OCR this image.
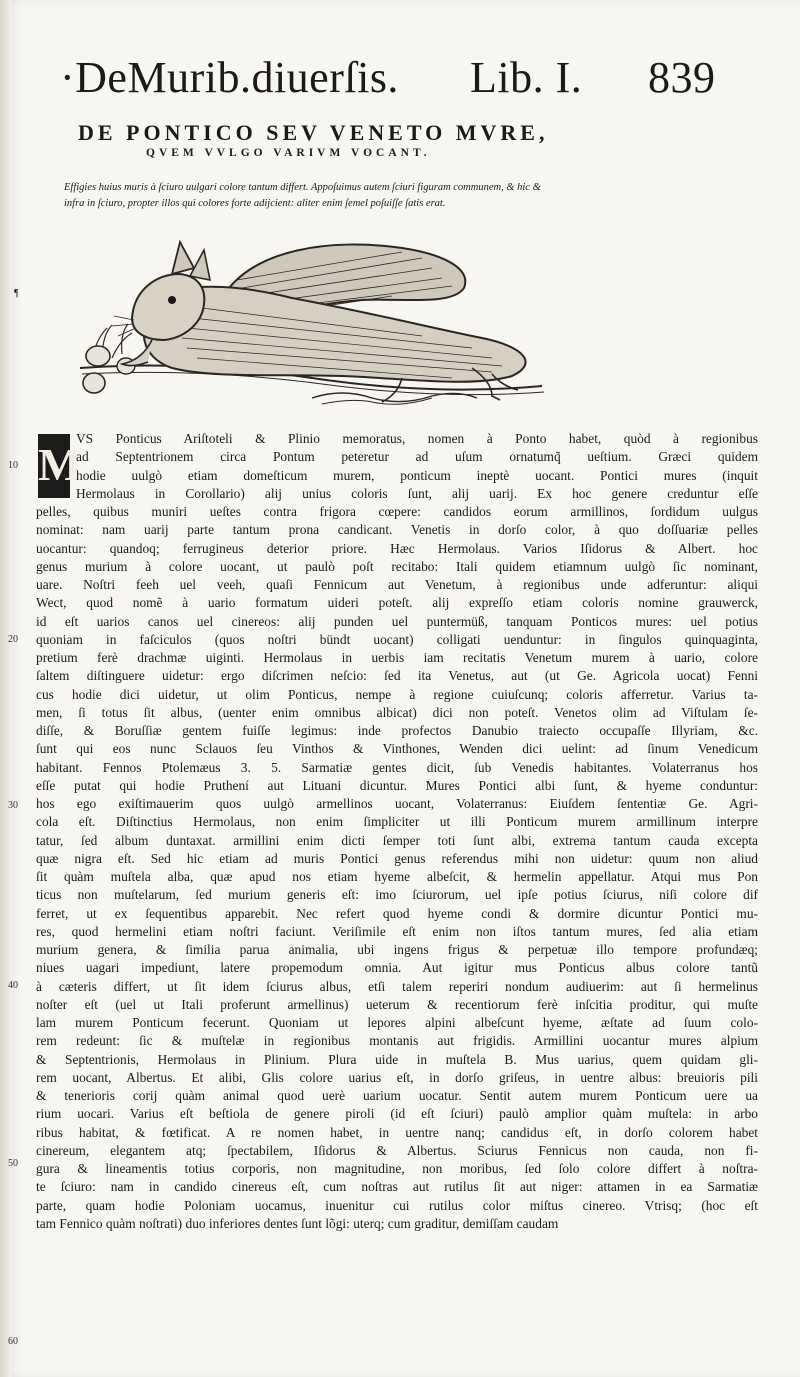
·DeMurib.diuerſis. Lib. I. 839
DE PONTICO SEV VENETO MVRE,
QVEM VVLGO VARIVM VOCANT.
Effigies huius muris à ſciuro uulgari colore tantum differt. Appoſuimus autem ſciuri figuram communem, & hic &
infra in ſciuro, propter illos qui colores forte adijcient: aliter enim ſemel poſuiſſe ſatis erat.
¶
M
VS Ponticus Ariſtoteli & Plinio memoratus, nomen à Ponto habet, quòd à regionibus
ad Septentrionem circa Pontum peteretur ad uſum ornatumq̃ ueſtium. Græci quidem
hodie uulgò etiam domeſticum murem, ponticum ineptè uocant. Pontici mures (inquit
Hermolaus in Corollario) alij unius coloris ſunt, alij uarij. Ex hoc genere creduntur eſſe
pelles, quibus muniri ueſtes contra frigora cœpere: candidos eorum armillinos, ſordidum uulgus
nominat: nam uarij parte tantum prona candicant. Venetis in dorſo color, à quo doſſuariæ pelles
uocantur: quandoq; ferrugineus deterior priore. Hæc Hermolaus. Varios Iſidorus & Albert. hoc
genus murium à colore uocant, ut paulò poſt recitabo: Itali quidem etiamnum uulgò ſic nominant,
uare. Noſtri feeh uel veeh, quaſi Fennicum aut Venetum, à regionibus unde adferuntur: aliqui
Wect, quod nomẽ à uario formatum uideri poteſt. alij expreſſo etiam coloris nomine grauwerck,
id eſt uarios canos uel cinereos: alij punden uel puntermüß, tanquam Ponticos mures: uel potius
quoniam in faſciculos (quos noſtri bündt uocant) colligati uenduntur: in ſingulos quinquaginta,
pretium ferè drachmæ uiginti. Hermolaus in uerbis iam recitatis Venetum murem à uario, colore
ſaltem diſtinguere uidetur: ergo diſcrimen neſcio: ſed ita Venetus, aut (ut Ge. Agricola uocat) Fenni
cus hodie dici uidetur, ut olim Ponticus, nempe à regione cuiuſcunq; coloris afferretur. Varius ta-
men, ſi totus ſit albus, (uenter enim omnibus albicat) dici non poteſt. Venetos olim ad Viſtulam ſe-
diſſe, & Boruſſiæ gentem fuiſſe legimus: inde profectos Danubio traiecto occupaſſe Illyriam, &c.
ſunt qui eos nunc Sclauos ſeu Vinthos & Vinthones, Wenden dici uelint: ad ſinum Venedicum
habitant. Fennos Ptolemæus 3. 5. Sarmatiæ gentes dicit, ſub Venedis habitantes. Volaterranus hos
eſſe putat qui hodie Pruthení aut Lituani dicuntur. Mures Pontici albi ſunt, & hyeme conduntur:
hos ego exiſtimauerim quos uulgò armellinos uocant, Volaterranus: Eiuſdem ſententiæ Ge. Agri-
cola eſt. Diſtinctius Hermolaus, non enim ſimpliciter ut illi Ponticum murem armillinum interpre
tatur, ſed album duntaxat. armillini enim dicti ſemper toti ſunt albi, extrema tantum cauda excepta
quæ nigra eſt. Sed hic etiam ad muris Pontici genus referendus mihi non uidetur: quum non aliud
ſit quàm muſtela alba, quæ apud nos etiam hyeme albeſcit, & hermelin appellatur. Atqui mus Pon
ticus non muſtelarum, ſed murium generis eſt: imo ſciurorum, uel ipſe potius ſciurus, niſi colore dif
ferret, ut ex ſequentibus apparebit. Nec refert quod hyeme condi & dormire dicuntur Pontici mu-
res, quod hermelini etiam noſtri faciunt. Veriſimile eſt enim non iſtos tantum mures, ſed alia etiam
murium genera, & ſimilia parua animalia, ubi ingens frigus & perpetuæ illo tempore profundæq;
niues uagari impediunt, latere propemodum omnia. Aut igitur mus Ponticus albus colore tantũ
à cæteris differt, ut ſit idem ſciurus albus, etſi talem reperiri nondum audiuerim: aut ſi hermelinus
noſter eſt (uel ut Itali proferunt armellinus) ueterum & recentiorum ferè inſcitia proditur, qui muſte
lam murem Ponticum fecerunt. Quoniam ut lepores alpini albeſcunt hyeme, æſtate ad ſuum colo-
rem redeunt: ſic & muſtelæ in regionibus montanis aut frigidis. Armillini uocantur mures alpium
& Septentrionis, Hermolaus in Plinium. Plura uide in muſtela B. Mus uarius, quem quidam gli-
rem uocant, Albertus. Et alibi, Glis colore uarius eſt, in dorſo griſeus, in uentre albus: breuioris pili
& tenerioris corij quàm animal quod uerè uarium uocatur. Sentit autem murem Ponticum uere ua
rium uocari. Varius eſt beſtiola de genere piroli (id eſt ſciuri) paulò amplior quàm muſtela: in arbo
ribus habitat, & fœtificat. A re nomen habet, in uentre nanq; candidus eſt, in dorſo colorem habet
cinereum, elegantem atq; ſpectabilem, Iſidorus & Albertus. Sciurus Fennicus non cauda, non fi-
gura & lineamentis totius corporis, non magnitudine, non moribus, ſed ſolo colore differt à noſtra-
te ſciuro: nam in candido cinereus eſt, cum noſtras aut rutilus ſit aut niger: attamen in ea Sarmatiæ
parte, quam hodie Poloniam uocamus, inuenitur cui rutilus color miſtus cinereo. Vtrisq; (hoc eſt
tam Fennico quàm noſtrati) duo inferiores dentes ſunt lõgi: uterq; cum graditur, demiſſam caudam
10
20
30
40
50
60
